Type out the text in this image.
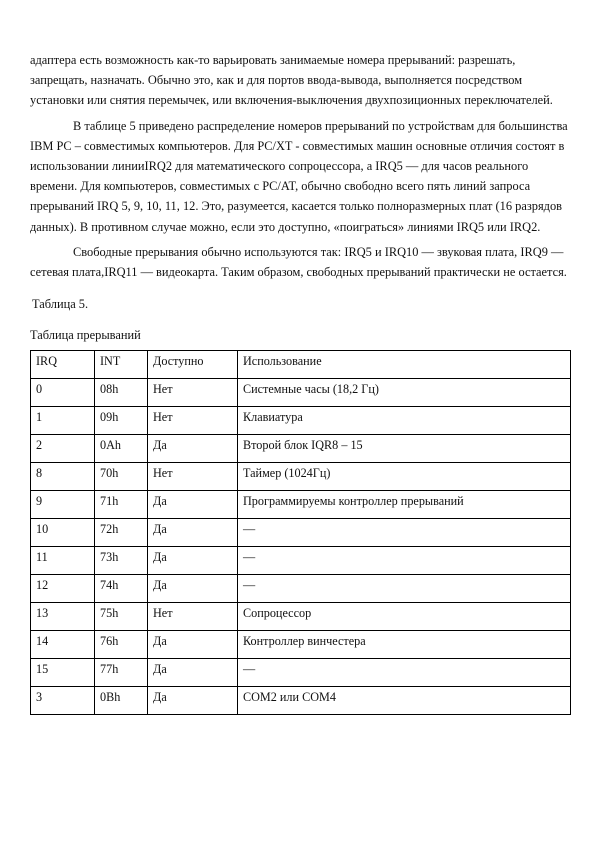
адаптера есть возможность как-то варьировать занимаемые номера прерываний: разрешать, запрещать, назначать. Обычно это, как и для портов ввода-вывода, выполняется посредством установки или снятия перемычек, или включения-выключения двухпозиционных переключателей.

В таблице 5 приведено распределение номеров прерываний по устройствам для большинства IBM PC – совместимых компьютеров. Для PC/XT - совместимых машин основные отличия состоят в использовании линииIRQ2 для математического сопроцессора, а IRQ5 — для часов реального времени. Для компьютеров, совместимых с PC/AT, обычно свободно всего пять линий запроса прерываний IRQ 5, 9, 10, 11, 12. Это, разумеется, касается только полноразмерных плат (16 разрядов данных). В противном случае можно, если это доступно, «поиграться» линиями IRQ5 или IRQ2.

Свободные прерывания обычно используются так: IRQ5 и IRQ10 — звуковая плата, IRQ9 — сетевая плата,IRQ11 — видеокарта. Таким образом, свободных прерываний практически не остается.

Таблица 5.
Таблица прерываний
IRQ	INT	Доступно	Использование
0	08h	Нет	Системные часы (18,2 Гц)
1	09h	Нет	Клавиатура
2	0Ah	Да	Второй блок IQR8 – 15
8	70h	Нет	Таймер (1024Гц)
9	71h	Да	Программируемы контроллер прерываний
10	72h	Да	—
11	73h	Да	—
12	74h	Да	—
13	75h	Нет	Сопроцессор
14	76h	Да	Контроллер винчестера
15	77h	Да	—
3	0Bh	Да	COM2 или COM4
